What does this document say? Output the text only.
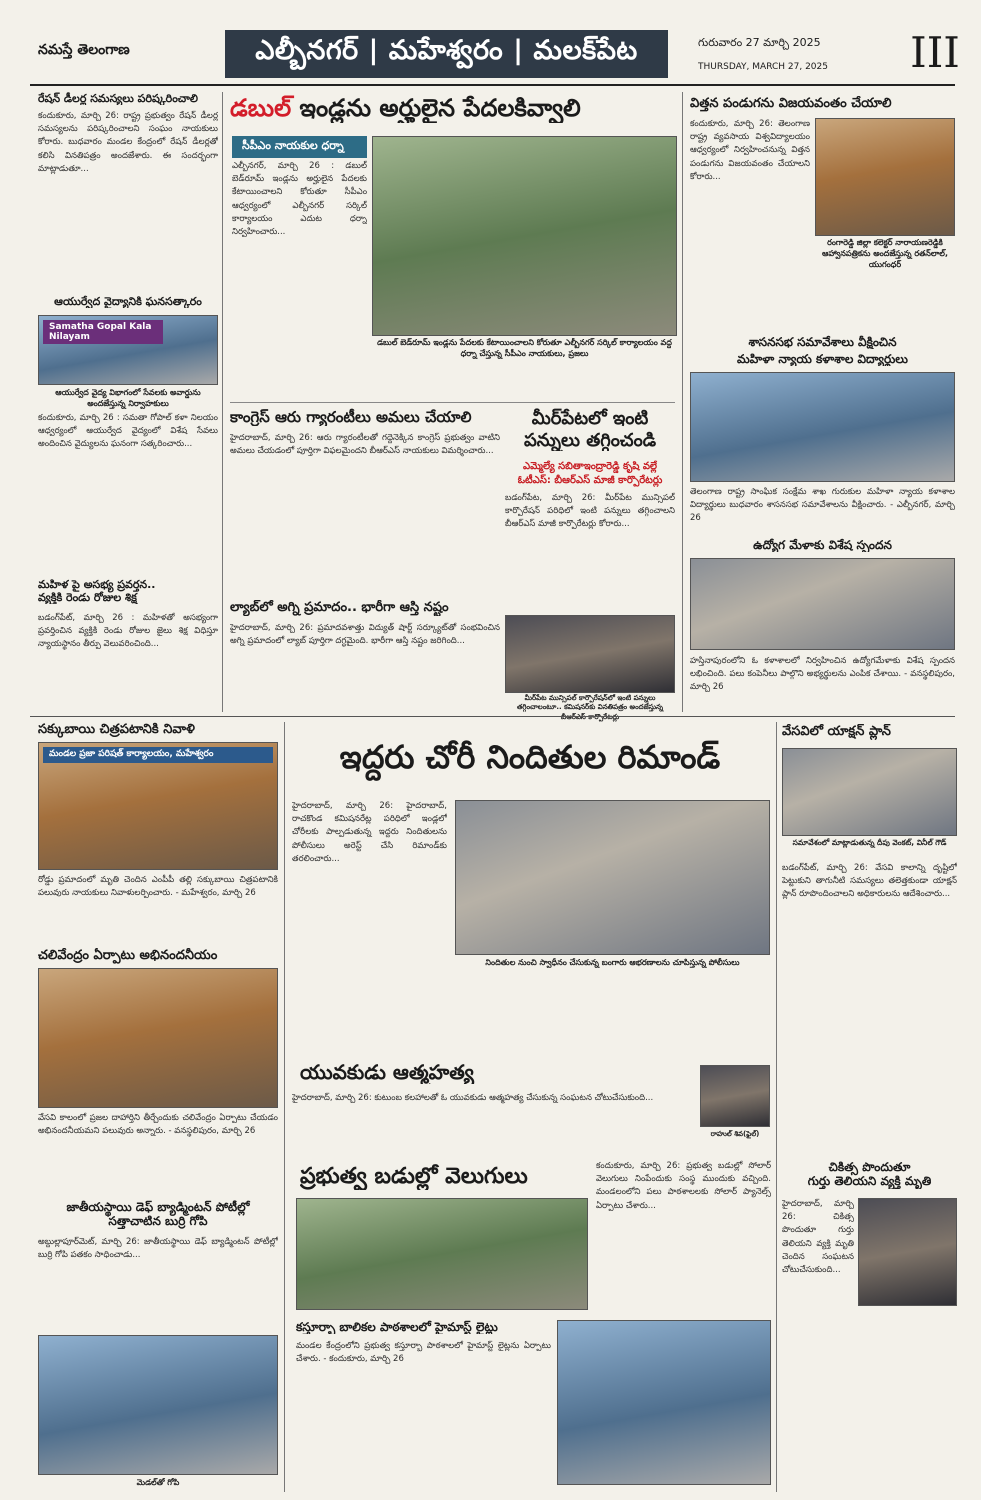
నమస్తే తెలంగాణ	ఎల్బీనగర్ | మహేశ్వరం | మలక్‌పేట	గురువారం 27 మార్చి 2025
THURSDAY, MARCH 27, 2025	III
రేషన్ డీలర్ల సమస్యలు పరిష్కరించాలి
కందుకూరు, మార్చి 26: రాష్ట్ర ప్రభుత్వం రేషన్ డీలర్ల సమస్యలను పరిష్కరించాలని సంఘం నాయకులు కోరారు. బుధవారం మండల కేంద్రంలో రేషన్ డీలర్లతో కలిసి వినతిపత్రం అందజేశారు. ఈ సందర్భంగా మాట్లాడుతూ...
ఆయుర్వేద వైద్యానికి ఘనసత్కారం
Samatha Gopal Kala Nilayam
ఆయుర్వేద వైద్య విభాగంలో సేవలకు అవార్డును అందజేస్తున్న నిర్వాహకులు
కందుకూరు, మార్చి 26 : సమతా గోపాల్ కళా నిలయం ఆధ్వర్యంలో ఆయుర్వేద వైద్యంలో విశేష సేవలు అందించిన వైద్యులను ఘనంగా సత్కరించారు...
మహిళ పై అసభ్య ప్రవర్తన..
వ్యక్తికి రెండు రోజుల శిక్ష
బడంగ్‌పేట్, మార్చి 26 : మహిళతో అసభ్యంగా ప్రవర్తించిన వ్యక్తికి రెండు రోజుల జైలు శిక్ష విధిస్తూ న్యాయస్థానం తీర్పు వెలువరించింది...
డబుల్ ఇండ్లను అర్హులైన పేదలకివ్వాలి
సీపీఎం నాయకుల ధర్నా
ఎల్బీనగర్, మార్చి 26 : డబుల్ బెడ్‌రూమ్ ఇండ్లను అర్హులైన పేదలకు కేటాయించాలని కోరుతూ సీపీఎం ఆధ్వర్యంలో ఎల్బీనగర్ సర్కిల్ కార్యాలయం ఎదుట ధర్నా నిర్వహించారు...
డబుల్ బెడ్‌రూమ్ ఇండ్లను పేదలకు కేటాయించాలని కోరుతూ ఎల్బీనగర్ సర్కిల్ కార్యాలయం వద్ద ధర్నా చేస్తున్న సీపీఎం నాయకులు, ప్రజలు
విత్తన పండుగను విజయవంతం చేయాలి
కందుకూరు, మార్చి 26: తెలంగాణ రాష్ట్ర వ్యవసాయ విశ్వవిద్యాలయం ఆధ్వర్యంలో నిర్వహించనున్న విత్తన పండుగను విజయవంతం చేయాలని కోరారు...
రంగారెడ్డి జిల్లా కలెక్టర్ నారాయణరెడ్డికి ఆహ్వానపత్రికను అందజేస్తున్న రతన్‌లాల్, యుగంధర్
శాసనసభ సమావేశాలు వీక్షించిన
మహిళా న్యాయ కళాశాల విద్యార్థులు
తెలంగాణ రాష్ట్ర సాంఘిక సంక్షేమ శాఖ గురుకుల మహిళా న్యాయ కళాశాల విద్యార్థులు బుధవారం శాసనసభ సమావేశాలను వీక్షించారు. - ఎల్బీనగర్, మార్చి 26
ఉద్యోగ మేళాకు విశేష స్పందన
హస్తినాపురంలోని ఓ కళాశాలలో నిర్వహించిన ఉద్యోగమేళాకు విశేష స్పందన లభించింది. పలు కంపెనీలు పాల్గొని అభ్యర్థులను ఎంపిక చేశాయి. - వనస్థలిపురం, మార్చి 26
కాంగ్రెస్ ఆరు గ్యారంటీలు అమలు చేయాలి
హైదరాబాద్, మార్చి 26: ఆరు గ్యారంటీలతో గద్దెనెక్కిన కాంగ్రెస్ ప్రభుత్వం వాటిని అమలు చేయడంలో పూర్తిగా విఫలమైందని బీఆర్‌ఎస్ నాయకులు విమర్శించారు...
మీర్‌పేటలో ఇంటి
పన్నులు తగ్గించండి
ఎమ్మెల్యే సబితాఇంద్రారెడ్డి కృషి వల్లే
ఓటీఎస్: బీఆర్‌ఎస్ మాజీ కార్పొరేటర్లు
బడంగ్‌పేట, మార్చి 26: మీర్‌పేట మున్సిపల్ కార్పొరేషన్ పరిధిలో ఇంటి పన్నులు తగ్గించాలని బీఆర్‌ఎస్ మాజీ కార్పొరేటర్లు కోరారు...
మీర్‌పేట మున్సిపల్ కార్పొరేషన్‌లో ఇంటి పన్నులు తగ్గించాలంటూ.. కమిషనర్‌కు వినతిపత్రం అందజేస్తున్న
ల్యాబ్‌లో అగ్ని ప్రమాదం.. భారీగా ఆస్తి నష్టం
హైదరాబాద్, మార్చి 26: ప్రమాదవశాత్తు విద్యుత్ షార్ట్ సర్క్యూట్‌తో సంభవించిన అగ్ని ప్రమాదంలో ల్యాబ్ పూర్తిగా దగ్ధమైంది. భారీగా ఆస్తి నష్టం జరిగింది...
సక్కుబాయి చిత్రపటానికి నివాళి
మండల ప్రజా పరిషత్ కార్యాలయం, మహేశ్వరం
రోడ్డు ప్రమాదంలో మృతి చెందిన ఎంపీపీ తల్లి సక్కుబాయి చిత్రపటానికి పలువురు నాయకులు నివాళులర్పించారు. - మహేశ్వరం, మార్చి 26
చలివేంద్రం ఏర్పాటు అభినందనీయం
వేసవి కాలంలో ప్రజల దాహార్తిని తీర్చేందుకు చలివేంద్రం ఏర్పాటు చేయడం అభినందనీయమని పలువురు అన్నారు. - వనస్థలిపురం, మార్చి 26
జాతీయస్థాయి డెఫ్ బ్యాడ్మింటన్ పోటీల్లో
సత్తాచాటిన బుర్రి గోపి
అబ్దుల్లాపూర్‌మెట్, మార్చి 26: జాతీయస్థాయి డెఫ్ బ్యాడ్మింటన్ పోటీల్లో బుర్రి గోపి పతకం సాధించాడు...
మెడల్‌తో గోపి
ఇద్దరు చోరీ నిందితుల రిమాండ్
హైదరాబాద్, మార్చి 26: హైదరాబాద్, రాచకొండ కమిషనరేట్ల పరిధిలో ఇండ్లలో చోరీలకు పాల్పడుతున్న ఇద్దరు నిందితులను పోలీసులు అరెస్ట్ చేసి రిమాండ్‌కు తరలించారు...
నిందితుల నుంచి స్వాధీనం చేసుకున్న బంగారు ఆభరణాలను చూపిస్తున్న పోలీసులు
యువకుడు ఆత్మహత్య
హైదరాబాద్, మార్చి 26: కుటుంబ కలహాలతో ఓ యువకుడు ఆత్మహత్య చేసుకున్న సంఘటన చోటుచేసుకుంది...
రాహుల్ శివ(ఫైల్)
ప్రభుత్వ బడుల్లో వెలుగులు	కందుకూరు, మార్చి 26: ప్రభుత్వ బడుల్లో సోలార్ వెలుగులు నింపేందుకు సంస్థ ముందుకు వచ్చింది. మండలంలోని పలు పాఠశాలలకు సోలార్ ప్యానెల్స్ ఏర్పాటు చేశారు...
కస్తూర్బా బాలికల పాఠశాలలో హైమాస్ట్ లైట్లు
మండల కేంద్రంలోని ప్రభుత్వ కస్తూర్బా పాఠశాలలో హైమాస్ట్ లైట్లను ఏర్పాటు చేశారు. - కందుకూరు, మార్చి 26
వేసవిలో యాక్షన్ ప్లాన్
సమావేశంలో మాట్లాడుతున్న దీపు వెంకట్, వినీల్ గౌడ్
బడంగ్‌పేట్, మార్చి 26: వేసవి కాలాన్ని దృష్టిలో పెట్టుకుని తాగునీటి సమస్యలు తలెత్తకుండా యాక్షన్ ప్లాన్ రూపొందించాలని అధికారులను ఆదేశించారు...
చికిత్స పొందుతూ
గుర్తు తెలియని వ్యక్తి మృతి
హైదరాబాద్, మార్చి 26: చికిత్స పొందుతూ గుర్తు తెలియని వ్యక్తి మృతి చెందిన సంఘటన చోటుచేసుకుంది...
